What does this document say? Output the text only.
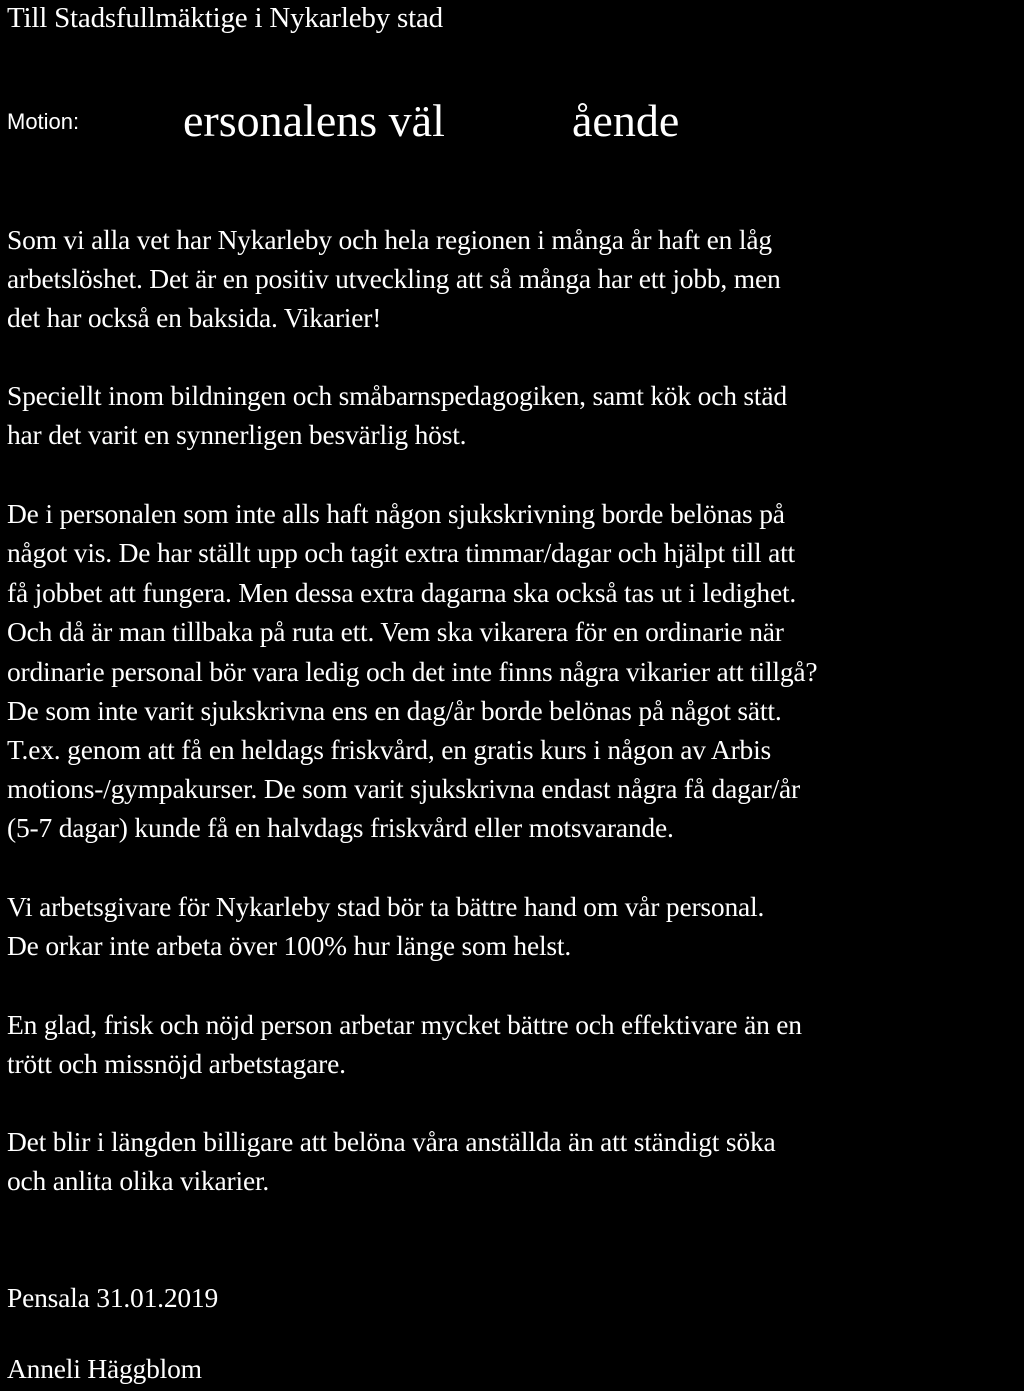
Till Stadsfullmäktige i Nykarleby stad
Motion: ersonalens väl	ående
Som vi alla vet har Nykarleby och hela regionen i många år haft en låg
arbetslöshet. Det är en positiv utveckling att så många har ett jobb, men
det har också en baksida. Vikarier!
Speciellt inom bildningen och småbarnspedagogiken, samt kök och städ
har det varit en synnerligen besvärlig höst.
De i personalen som inte alls haft någon sjukskrivning borde belönas på
något vis. De har ställt upp och tagit extra timmar/dagar och hjälpt till att
få jobbet att fungera. Men dessa extra dagarna ska också tas ut i ledighet.
Och då är man tillbaka på ruta ett. Vem ska vikarera för en ordinarie när
ordinarie personal bör vara ledig och det inte finns några vikarier att tillgå?
De som inte varit sjukskrivna ens en dag/år borde belönas på något sätt.
T.ex. genom att få en heldags friskvård, en gratis kurs i någon av Arbis
motions-/gympakurser. De som varit sjukskrivna endast några få dagar/år
(5-7 dagar) kunde få en halvdags friskvård eller motsvarande.
Vi arbetsgivare för Nykarleby stad bör ta bättre hand om vår personal.
De orkar inte arbeta över 100% hur länge som helst.
En glad, frisk och nöjd person arbetar mycket bättre och effektivare än en
trött och missnöjd arbetstagare.
Det blir i längden billigare att belöna våra anställda än att ständigt söka
och anlita olika vikarier.
Pensala 31.01.2019
Anneli Häggblom
